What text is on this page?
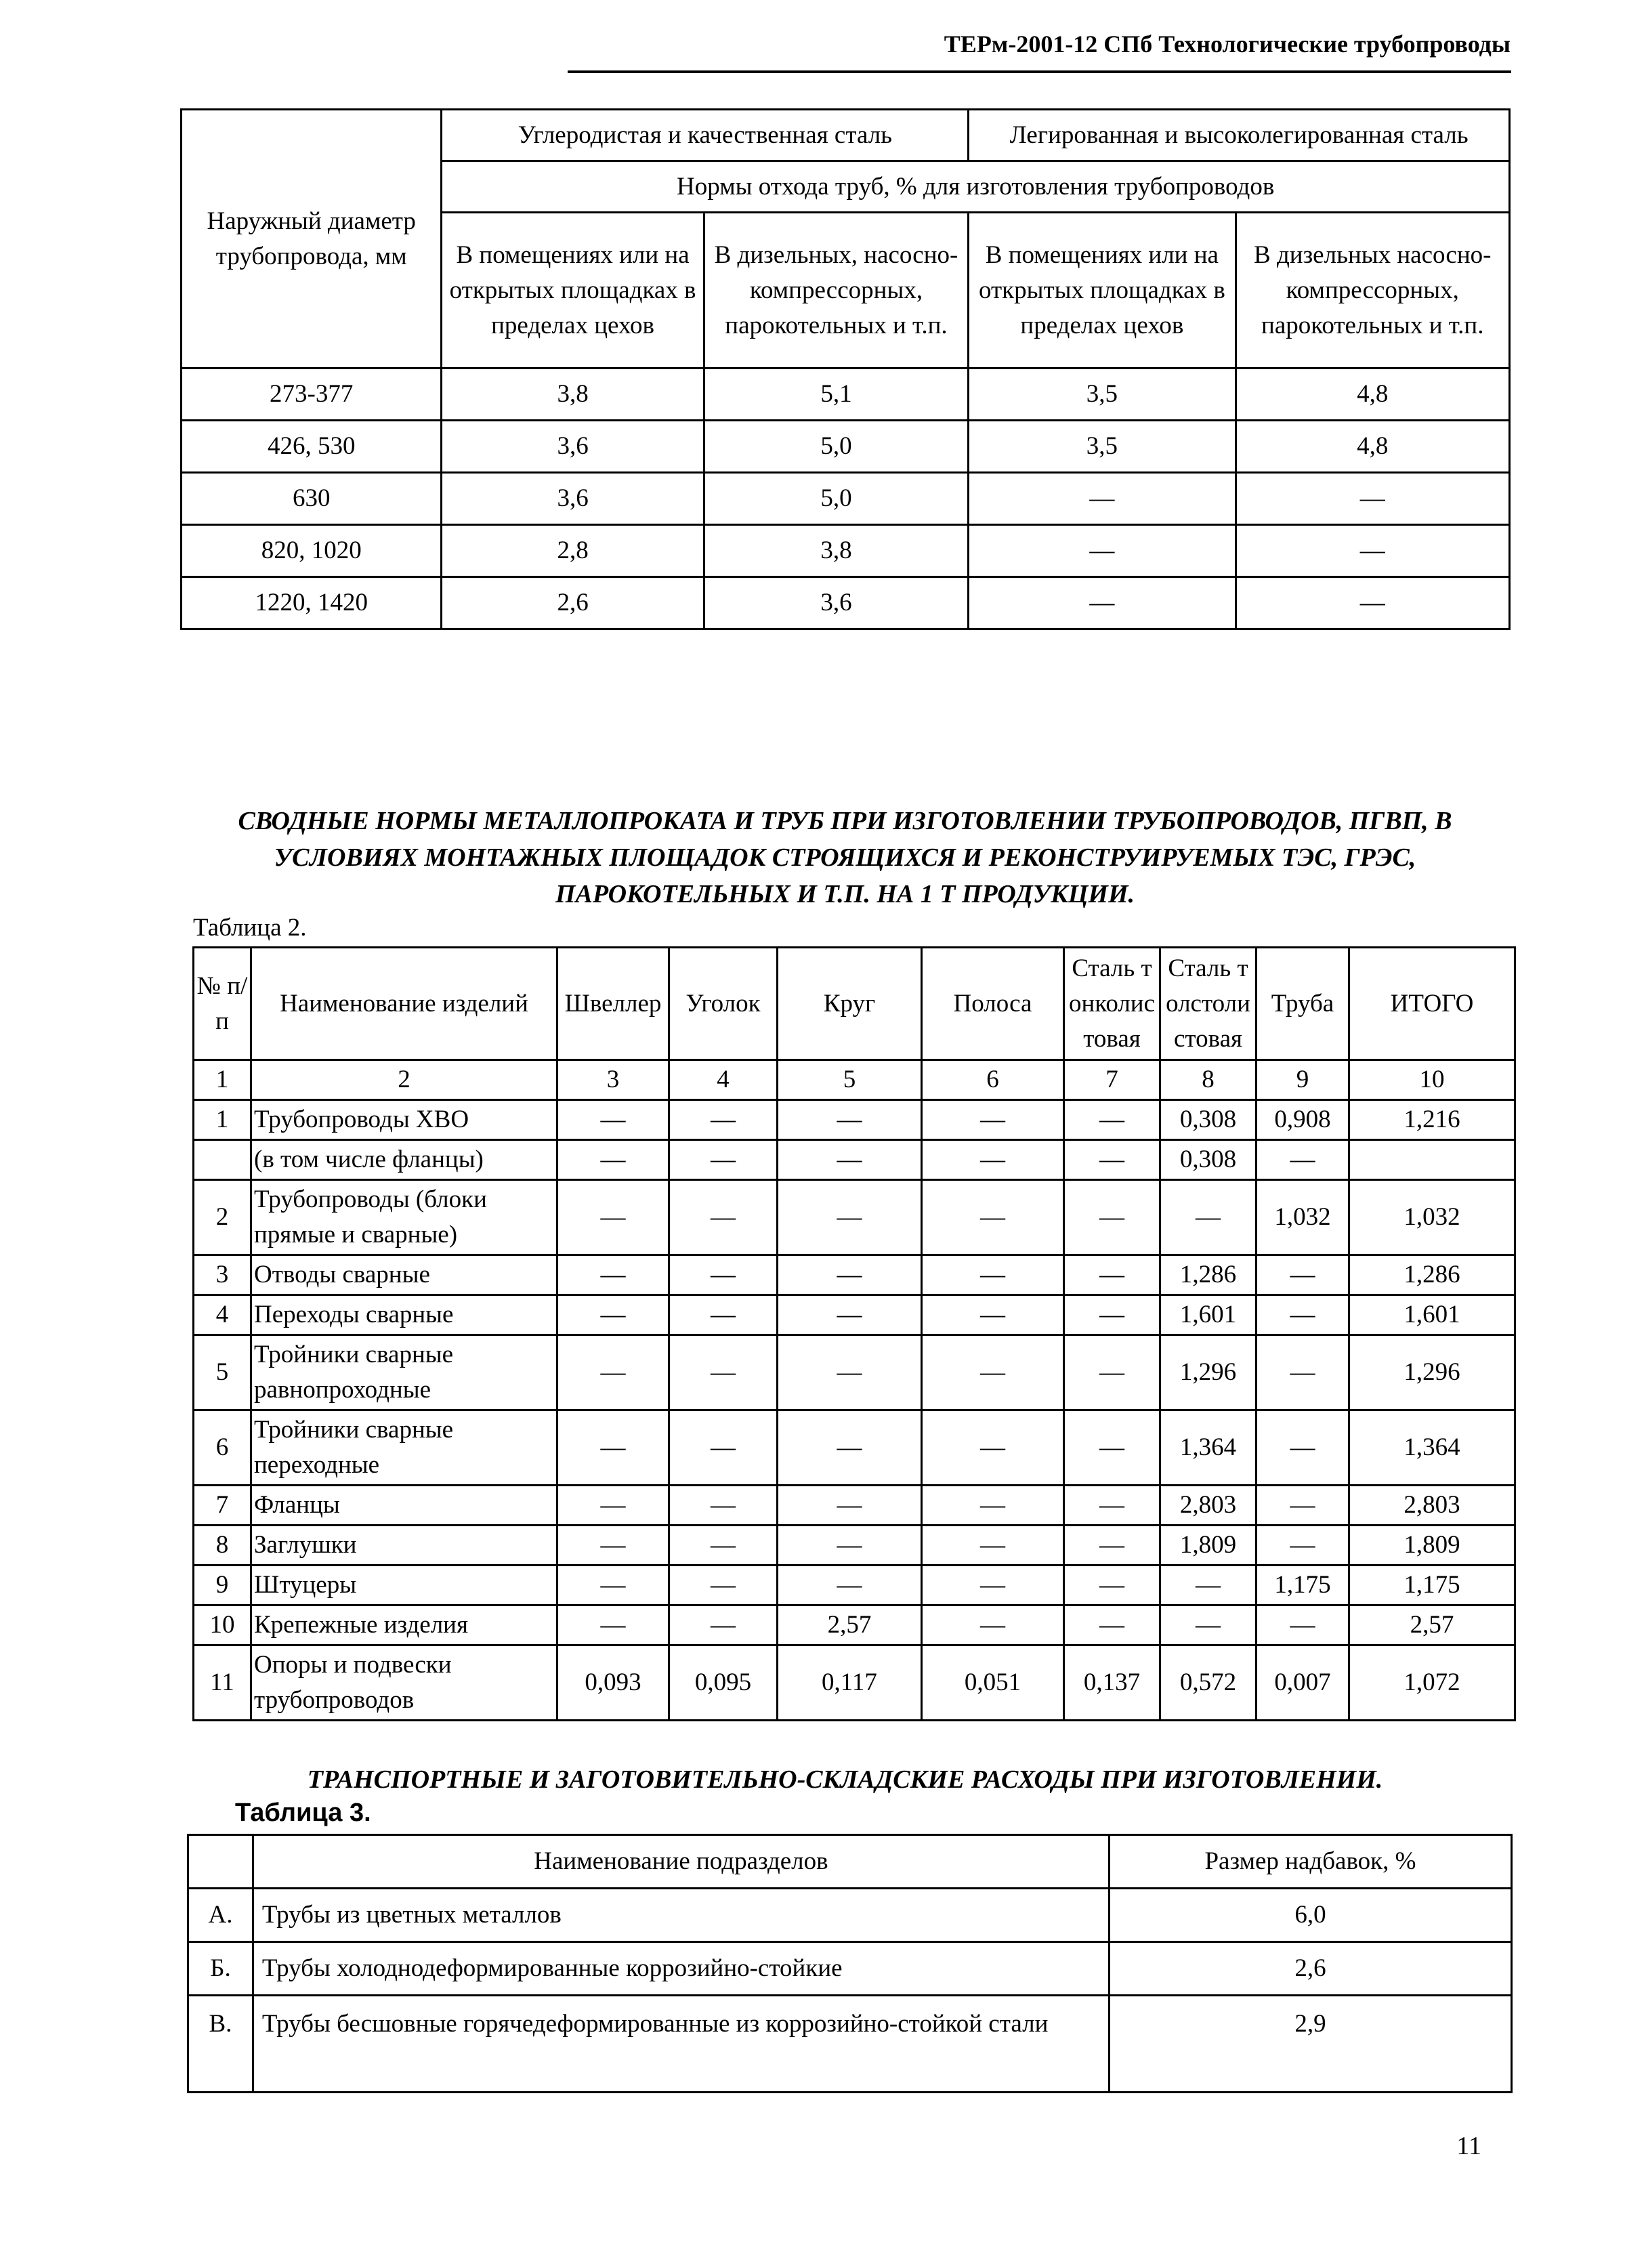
ТЕРм-2001-12 СПб Технологические трубопроводы
Наружный диаметр трубопровода, мм	Углеродистая и качественная сталь		Легированная и высоколегированная сталь	
	Нормы отхода труб, % для изготовления трубопроводов			
	В помещениях или на открытых площадках в пределах цехов	В дизельных, насосно-компрессорных, парокотельных и т.п.	В помещениях или на открытых площадках в пределах цехов	В дизельных насосно-компрессорных, парокотельных и т.п.
273-377	3,8	5,1	3,5	4,8
426, 530	3,6	5,0	3,5	4,8
630	3,6	5,0	—	—
820, 1020	2,8	3,8	—	—
1220, 1420	2,6	3,6	—	—
СВОДНЫЕ НОРМЫ МЕТАЛЛОПРОКАТА И ТРУБ ПРИ ИЗГОТОВЛЕНИИ ТРУБОПРОВОДОВ, ПГВП, В УСЛОВИЯХ МОНТАЖНЫХ ПЛОЩАДОК СТРОЯЩИХСЯ И РЕКОНСТРУИРУЕМЫХ ТЭС, ГРЭС, ПАРОКОТЕЛЬНЫХ И Т.П. НА 1 Т ПРОДУКЦИИ.
Таблица 2.
№ п/п	Наименование изделий	Швеллер	Уголок	Круг	Полоса	Сталь тонколистовая	Сталь толстолистовая	Труба	ИТОГО
1	2	3	4	5	6	7	8	9	10
1	Трубопроводы ХВО	—	—	—	—	—	0,308	0,908	1,216
	(в том числе фланцы)	—	—	—	—	—	0,308	—	
2	Трубопроводы (блоки прямые и сварные)	—	—	—	—	—	—	1,032	1,032
3	Отводы сварные	—	—	—	—	—	1,286	—	1,286
4	Переходы сварные	—	—	—	—	—	1,601	—	1,601
5	Тройники сварные равнопроходные	—	—	—	—	—	1,296	—	1,296
6	Тройники сварные переходные	—	—	—	—	—	1,364	—	1,364
7	Фланцы	—	—	—	—	—	2,803	—	2,803
8	Заглушки	—	—	—	—	—	1,809	—	1,809
9	Штуцеры	—	—	—	—	—	—	1,175	1,175
10	Крепежные изделия	—	—	2,57	—	—	—	—	2,57
11	Опоры и подвески трубопроводов	0,093	0,095	0,117	0,051	0,137	0,572	0,007	1,072
ТРАНСПОРТНЫЕ И ЗАГОТОВИТЕЛЬНО-СКЛАДСКИЕ РАСХОДЫ ПРИ ИЗГОТОВЛЕНИИ.
Таблица 3.
	Наименование подразделов	Размер надбавок, %
А.	Трубы из цветных металлов	6,0
Б.	Трубы холоднодеформированные коррозийно-стойкие	2,6
В.	Трубы бесшовные горячедеформированные из коррозийно-стойкой стали	2,9
11
